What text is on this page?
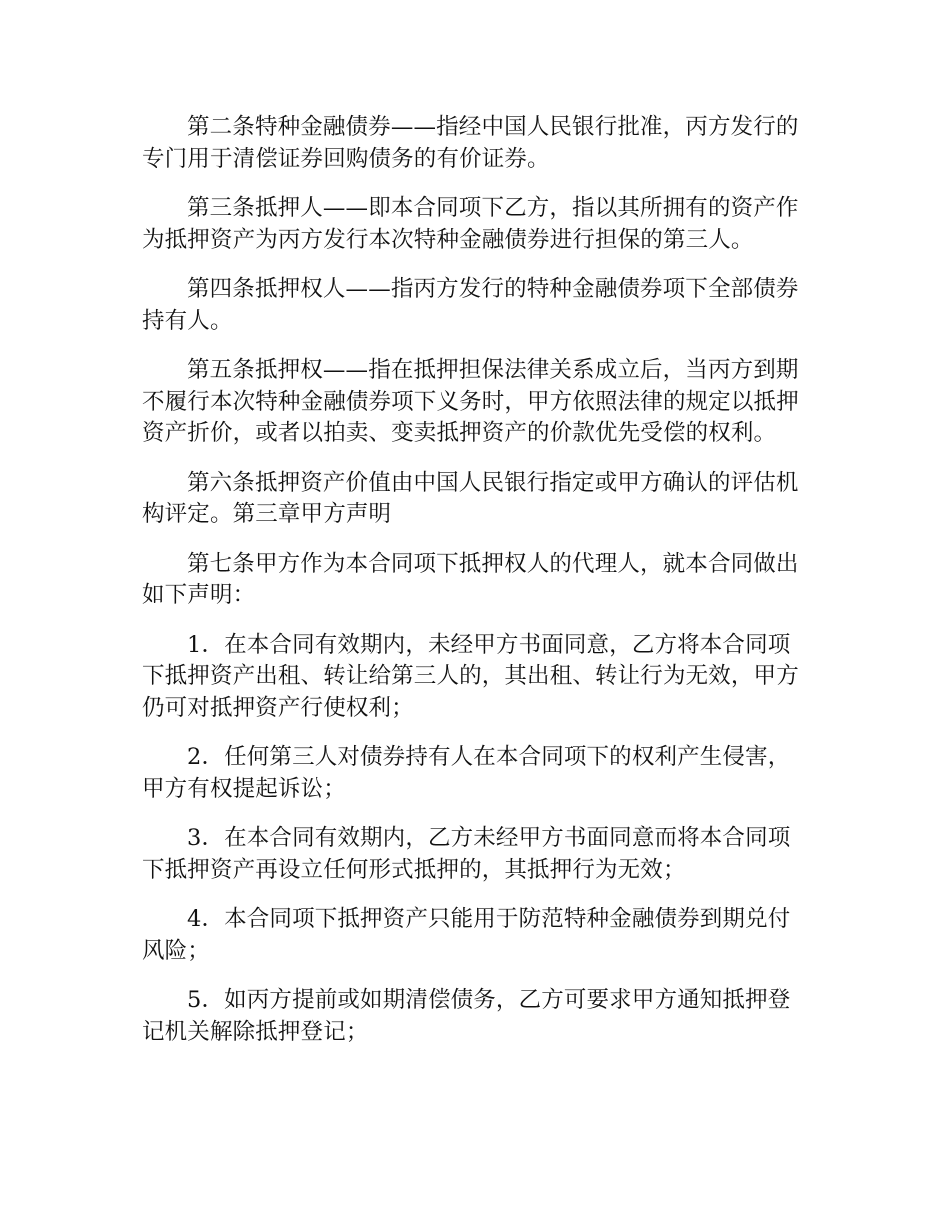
第二条特种金融债券——指经中国人民银行批准，丙方发行的专门用于清偿证券回购债务的有价证券。

第三条抵押人——即本合同项下乙方，指以其所拥有的资产作为抵押资产为丙方发行本次特种金融债券进行担保的第三人。

第四条抵押权人——指丙方发行的特种金融债券项下全部债券持有人。

第五条抵押权——指在抵押担保法律关系成立后，当丙方到期不履行本次特种金融债券项下义务时，甲方依照法律的规定以抵押资产折价，或者以拍卖、变卖抵押资产的价款优先受偿的权利。

第六条抵押资产价值由中国人民银行指定或甲方确认的评估机构评定。第三章甲方声明

第七条甲方作为本合同项下抵押权人的代理人，就本合同做出如下声明：

1．在本合同有效期内，未经甲方书面同意，乙方将本合同项下抵押资产出租、转让给第三人的，其出租、转让行为无效，甲方仍可对抵押资产行使权利；

2．任何第三人对债券持有人在本合同项下的权利产生侵害，甲方有权提起诉讼；

3．在本合同有效期内，乙方未经甲方书面同意而将本合同项下抵押资产再设立任何形式抵押的，其抵押行为无效；

4．本合同项下抵押资产只能用于防范特种金融债券到期兑付风险；

5．如丙方提前或如期清偿债务，乙方可要求甲方通知抵押登记机关解除抵押登记；
